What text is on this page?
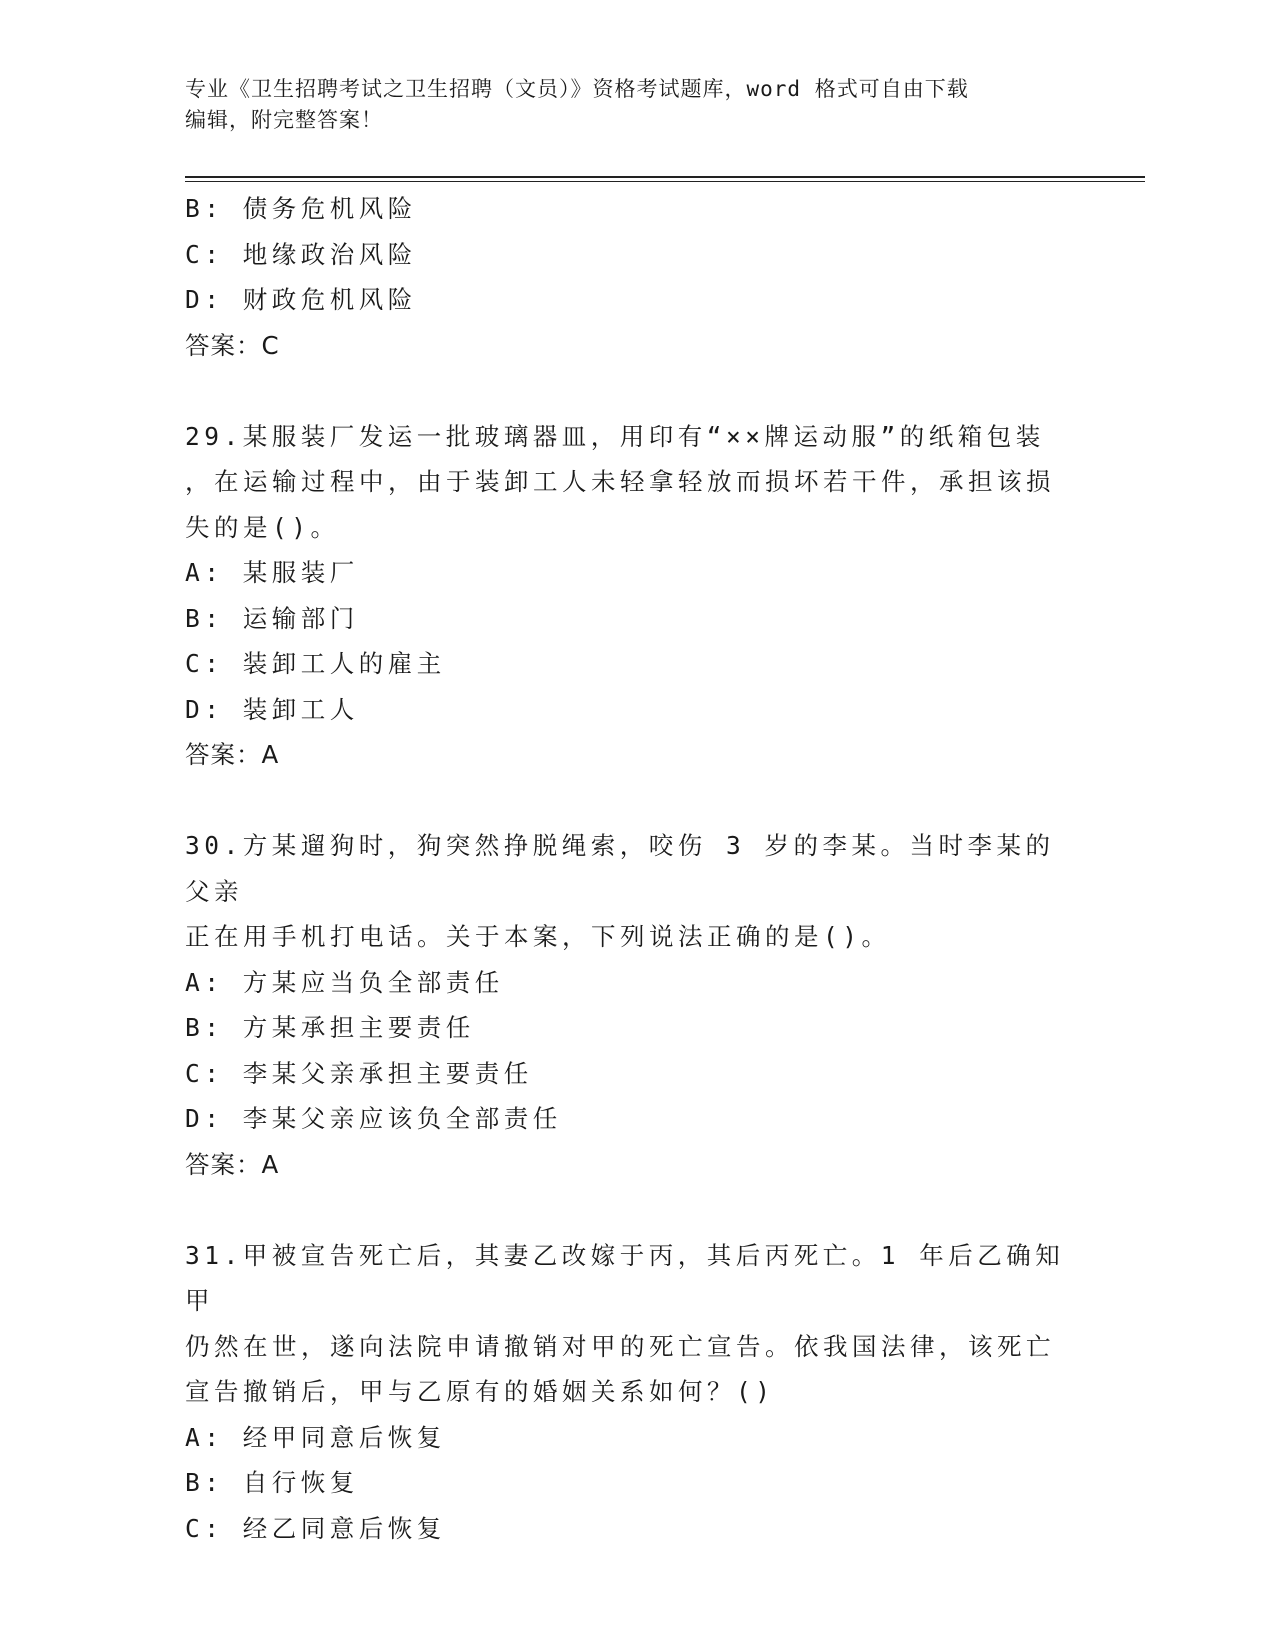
专业《卫生招聘考试之卫生招聘（文员）》资格考试题库，word 格式可自由下载
编辑，附完整答案！
B: 债务危机风险
C: 地缘政治风险
D: 财政危机风险
答案：C
29.某服装厂发运一批玻璃器皿，用印有“××牌运动服”的纸箱包装
，在运输过程中，由于装卸工人未轻拿轻放而损坏若干件，承担该损
失的是()。
A: 某服装厂
B: 运输部门
C: 装卸工人的雇主
D: 装卸工人
答案：A
30.方某遛狗时，狗突然挣脱绳索，咬伤 3 岁的李某。当时李某的父亲
正在用手机打电话。关于本案，下列说法正确的是()。
A: 方某应当负全部责任
B: 方某承担主要责任
C: 李某父亲承担主要责任
D: 李某父亲应该负全部责任
答案：A
31.甲被宣告死亡后，其妻乙改嫁于丙，其后丙死亡。1 年后乙确知甲
仍然在世，遂向法院申请撤销对甲的死亡宣告。依我国法律，该死亡
宣告撤销后，甲与乙原有的婚姻关系如何？()
A: 经甲同意后恢复
B: 自行恢复
C: 经乙同意后恢复
